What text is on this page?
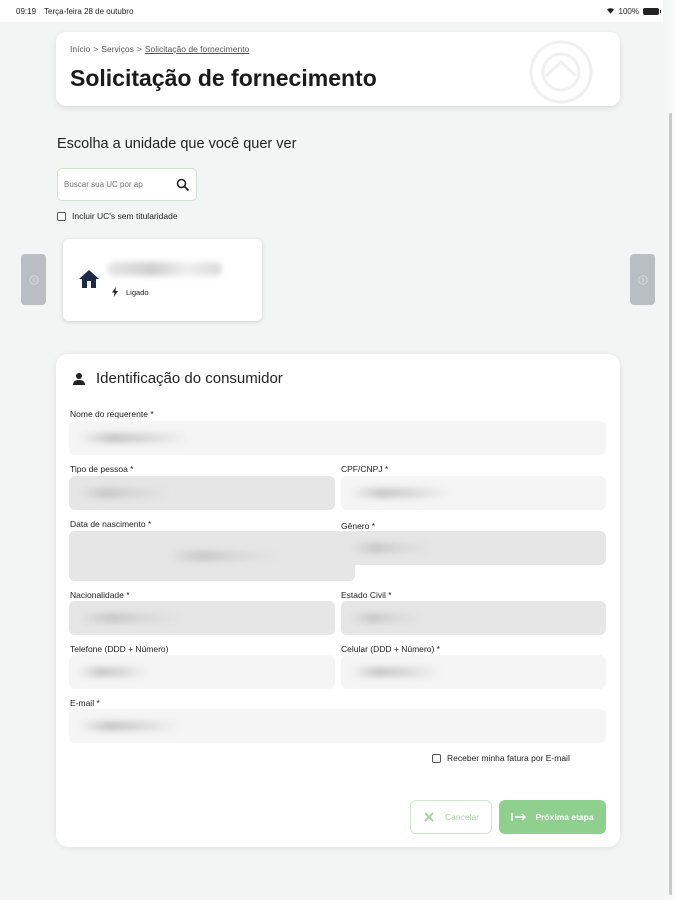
09:19 Terça-feira 28 de outubro	100%
Início > Serviços > Solicitação de fornecimento
Solicitação de fornecimento
Escolha a unidade que você quer ver
Buscar sua UC por ap
Incluir UC's sem titularidade
Ligado
Identificação do consumidor
Nome do requerente *
Tipo de pessoa *	CPF/CNPJ *
Data de nascimento *	Gênero *
Nacionalidade *	Estado Civil *
Telefone (DDD + Número)	Celular (DDD + Número) *
E-mail *
Receber minha fatura por E-mail
Cancelar	Próxima etapa
